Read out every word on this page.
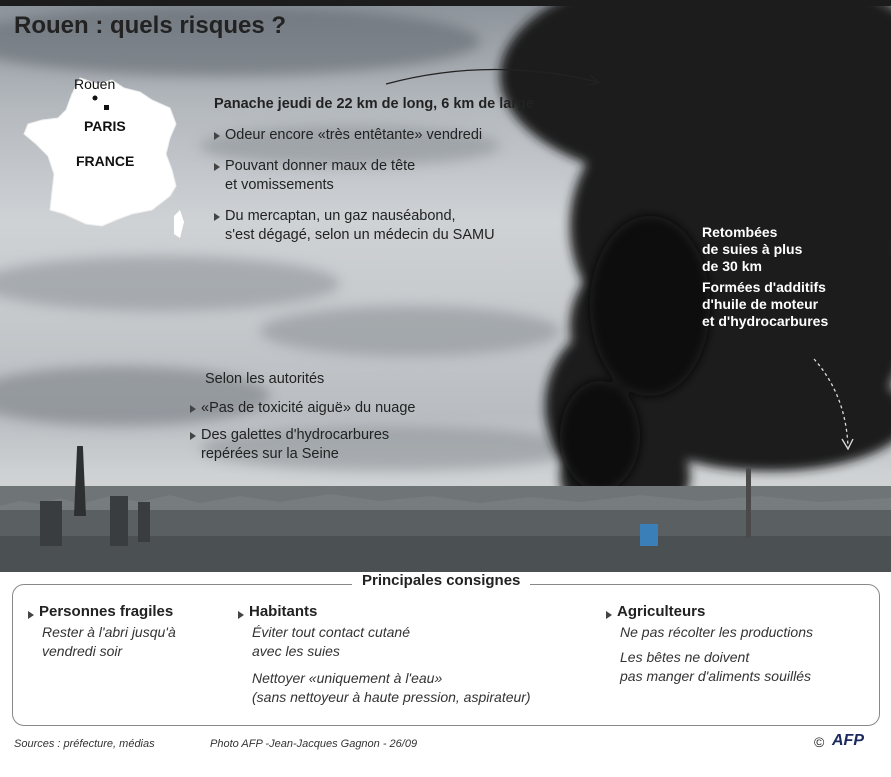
Rouen : quels risques ?
Rouen
PARIS
FRANCE
Panache jeudi de 22 km de long, 6 km de large
Odeur encore «très entêtante» vendredi
Pouvant donner maux de tête
et vomissements
Du mercaptan, un gaz nauséabond,
s'est dégagé, selon un médecin du SAMU
Selon les autorités
«Pas de toxicité aiguë» du nuage
Des galettes d'hydrocarbures
repérées sur la Seine
Retombées
de suies à plus
de 30 km
Formées d'additifs
d'huile de moteur
et d'hydrocarbures
Principales consignes
Personnes fragiles
Rester à l'abri jusqu'à
vendredi soir
Habitants
Éviter tout contact cutané
avec les suies
Nettoyer «uniquement à l'eau»
(sans nettoyeur à haute pression, aspirateur)
Agriculteurs
Ne pas récolter les productions
Les bêtes ne doivent
pas manger d'aliments souillés
Sources : préfecture, médias	Photo AFP -Jean-Jacques Gagnon - 26/09	© AFP
